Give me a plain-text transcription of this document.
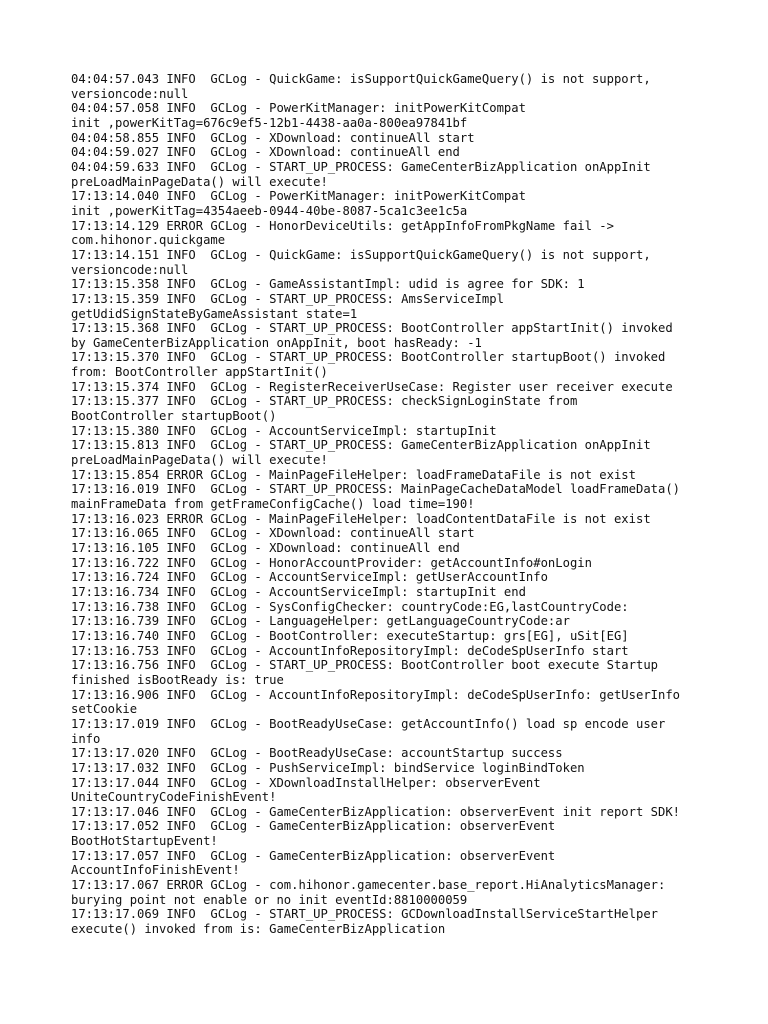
04:04:57.043 INFO  GCLog - QuickGame: isSupportQuickGameQuery() is not support,
versioncode:null
04:04:57.058 INFO  GCLog - PowerKitManager: initPowerKitCompat
init ,powerKitTag=676c9ef5-12b1-4438-aa0a-800ea97841bf
04:04:58.855 INFO  GCLog - XDownload: continueAll start
04:04:59.027 INFO  GCLog - XDownload: continueAll end
04:04:59.633 INFO  GCLog - START_UP_PROCESS: GameCenterBizApplication onAppInit
preLoadMainPageData() will execute!
17:13:14.040 INFO  GCLog - PowerKitManager: initPowerKitCompat
init ,powerKitTag=4354aeeb-0944-40be-8087-5ca1c3ee1c5a
17:13:14.129 ERROR GCLog - HonorDeviceUtils: getAppInfoFromPkgName fail ->
com.hihonor.quickgame
17:13:14.151 INFO  GCLog - QuickGame: isSupportQuickGameQuery() is not support,
versioncode:null
17:13:15.358 INFO  GCLog - GameAssistantImpl: udid is agree for SDK: 1
17:13:15.359 INFO  GCLog - START_UP_PROCESS: AmsServiceImpl
getUdidSignStateByGameAssistant state=1
17:13:15.368 INFO  GCLog - START_UP_PROCESS: BootController appStartInit() invoked
by GameCenterBizApplication onAppInit, boot hasReady: -1
17:13:15.370 INFO  GCLog - START_UP_PROCESS: BootController startupBoot() invoked
from: BootController appStartInit()
17:13:15.374 INFO  GCLog - RegisterReceiverUseCase: Register user receiver execute
17:13:15.377 INFO  GCLog - START_UP_PROCESS: checkSignLoginState from
BootController startupBoot()
17:13:15.380 INFO  GCLog - AccountServiceImpl: startupInit
17:13:15.813 INFO  GCLog - START_UP_PROCESS: GameCenterBizApplication onAppInit
preLoadMainPageData() will execute!
17:13:15.854 ERROR GCLog - MainPageFileHelper: loadFrameDataFile is not exist
17:13:16.019 INFO  GCLog - START_UP_PROCESS: MainPageCacheDataModel loadFrameData()
mainFrameData from getFrameConfigCache() load time=190!
17:13:16.023 ERROR GCLog - MainPageFileHelper: loadContentDataFile is not exist
17:13:16.065 INFO  GCLog - XDownload: continueAll start
17:13:16.105 INFO  GCLog - XDownload: continueAll end
17:13:16.722 INFO  GCLog - HonorAccountProvider: getAccountInfo#onLogin
17:13:16.724 INFO  GCLog - AccountServiceImpl: getUserAccountInfo
17:13:16.734 INFO  GCLog - AccountServiceImpl: startupInit end
17:13:16.738 INFO  GCLog - SysConfigChecker: countryCode:EG,lastCountryCode:
17:13:16.739 INFO  GCLog - LanguageHelper: getLanguageCountryCode:ar
17:13:16.740 INFO  GCLog - BootController: executeStartup: grs[EG], uSit[EG]
17:13:16.753 INFO  GCLog - AccountInfoRepositoryImpl: deCodeSpUserInfo start
17:13:16.756 INFO  GCLog - START_UP_PROCESS: BootController boot execute Startup
finished isBootReady is: true
17:13:16.906 INFO  GCLog - AccountInfoRepositoryImpl: deCodeSpUserInfo: getUserInfo
setCookie
17:13:17.019 INFO  GCLog - BootReadyUseCase: getAccountInfo() load sp encode user
info
17:13:17.020 INFO  GCLog - BootReadyUseCase: accountStartup success
17:13:17.032 INFO  GCLog - PushServiceImpl: bindService loginBindToken
17:13:17.044 INFO  GCLog - XDownloadInstallHelper: observerEvent
UniteCountryCodeFinishEvent!
17:13:17.046 INFO  GCLog - GameCenterBizApplication: observerEvent init report SDK!
17:13:17.052 INFO  GCLog - GameCenterBizApplication: observerEvent
BootHotStartupEvent!
17:13:17.057 INFO  GCLog - GameCenterBizApplication: observerEvent
AccountInfoFinishEvent!
17:13:17.067 ERROR GCLog - com.hihonor.gamecenter.base_report.HiAnalyticsManager:
burying point not enable or no init eventId:8810000059
17:13:17.069 INFO  GCLog - START_UP_PROCESS: GCDownloadInstallServiceStartHelper
execute() invoked from is: GameCenterBizApplication
